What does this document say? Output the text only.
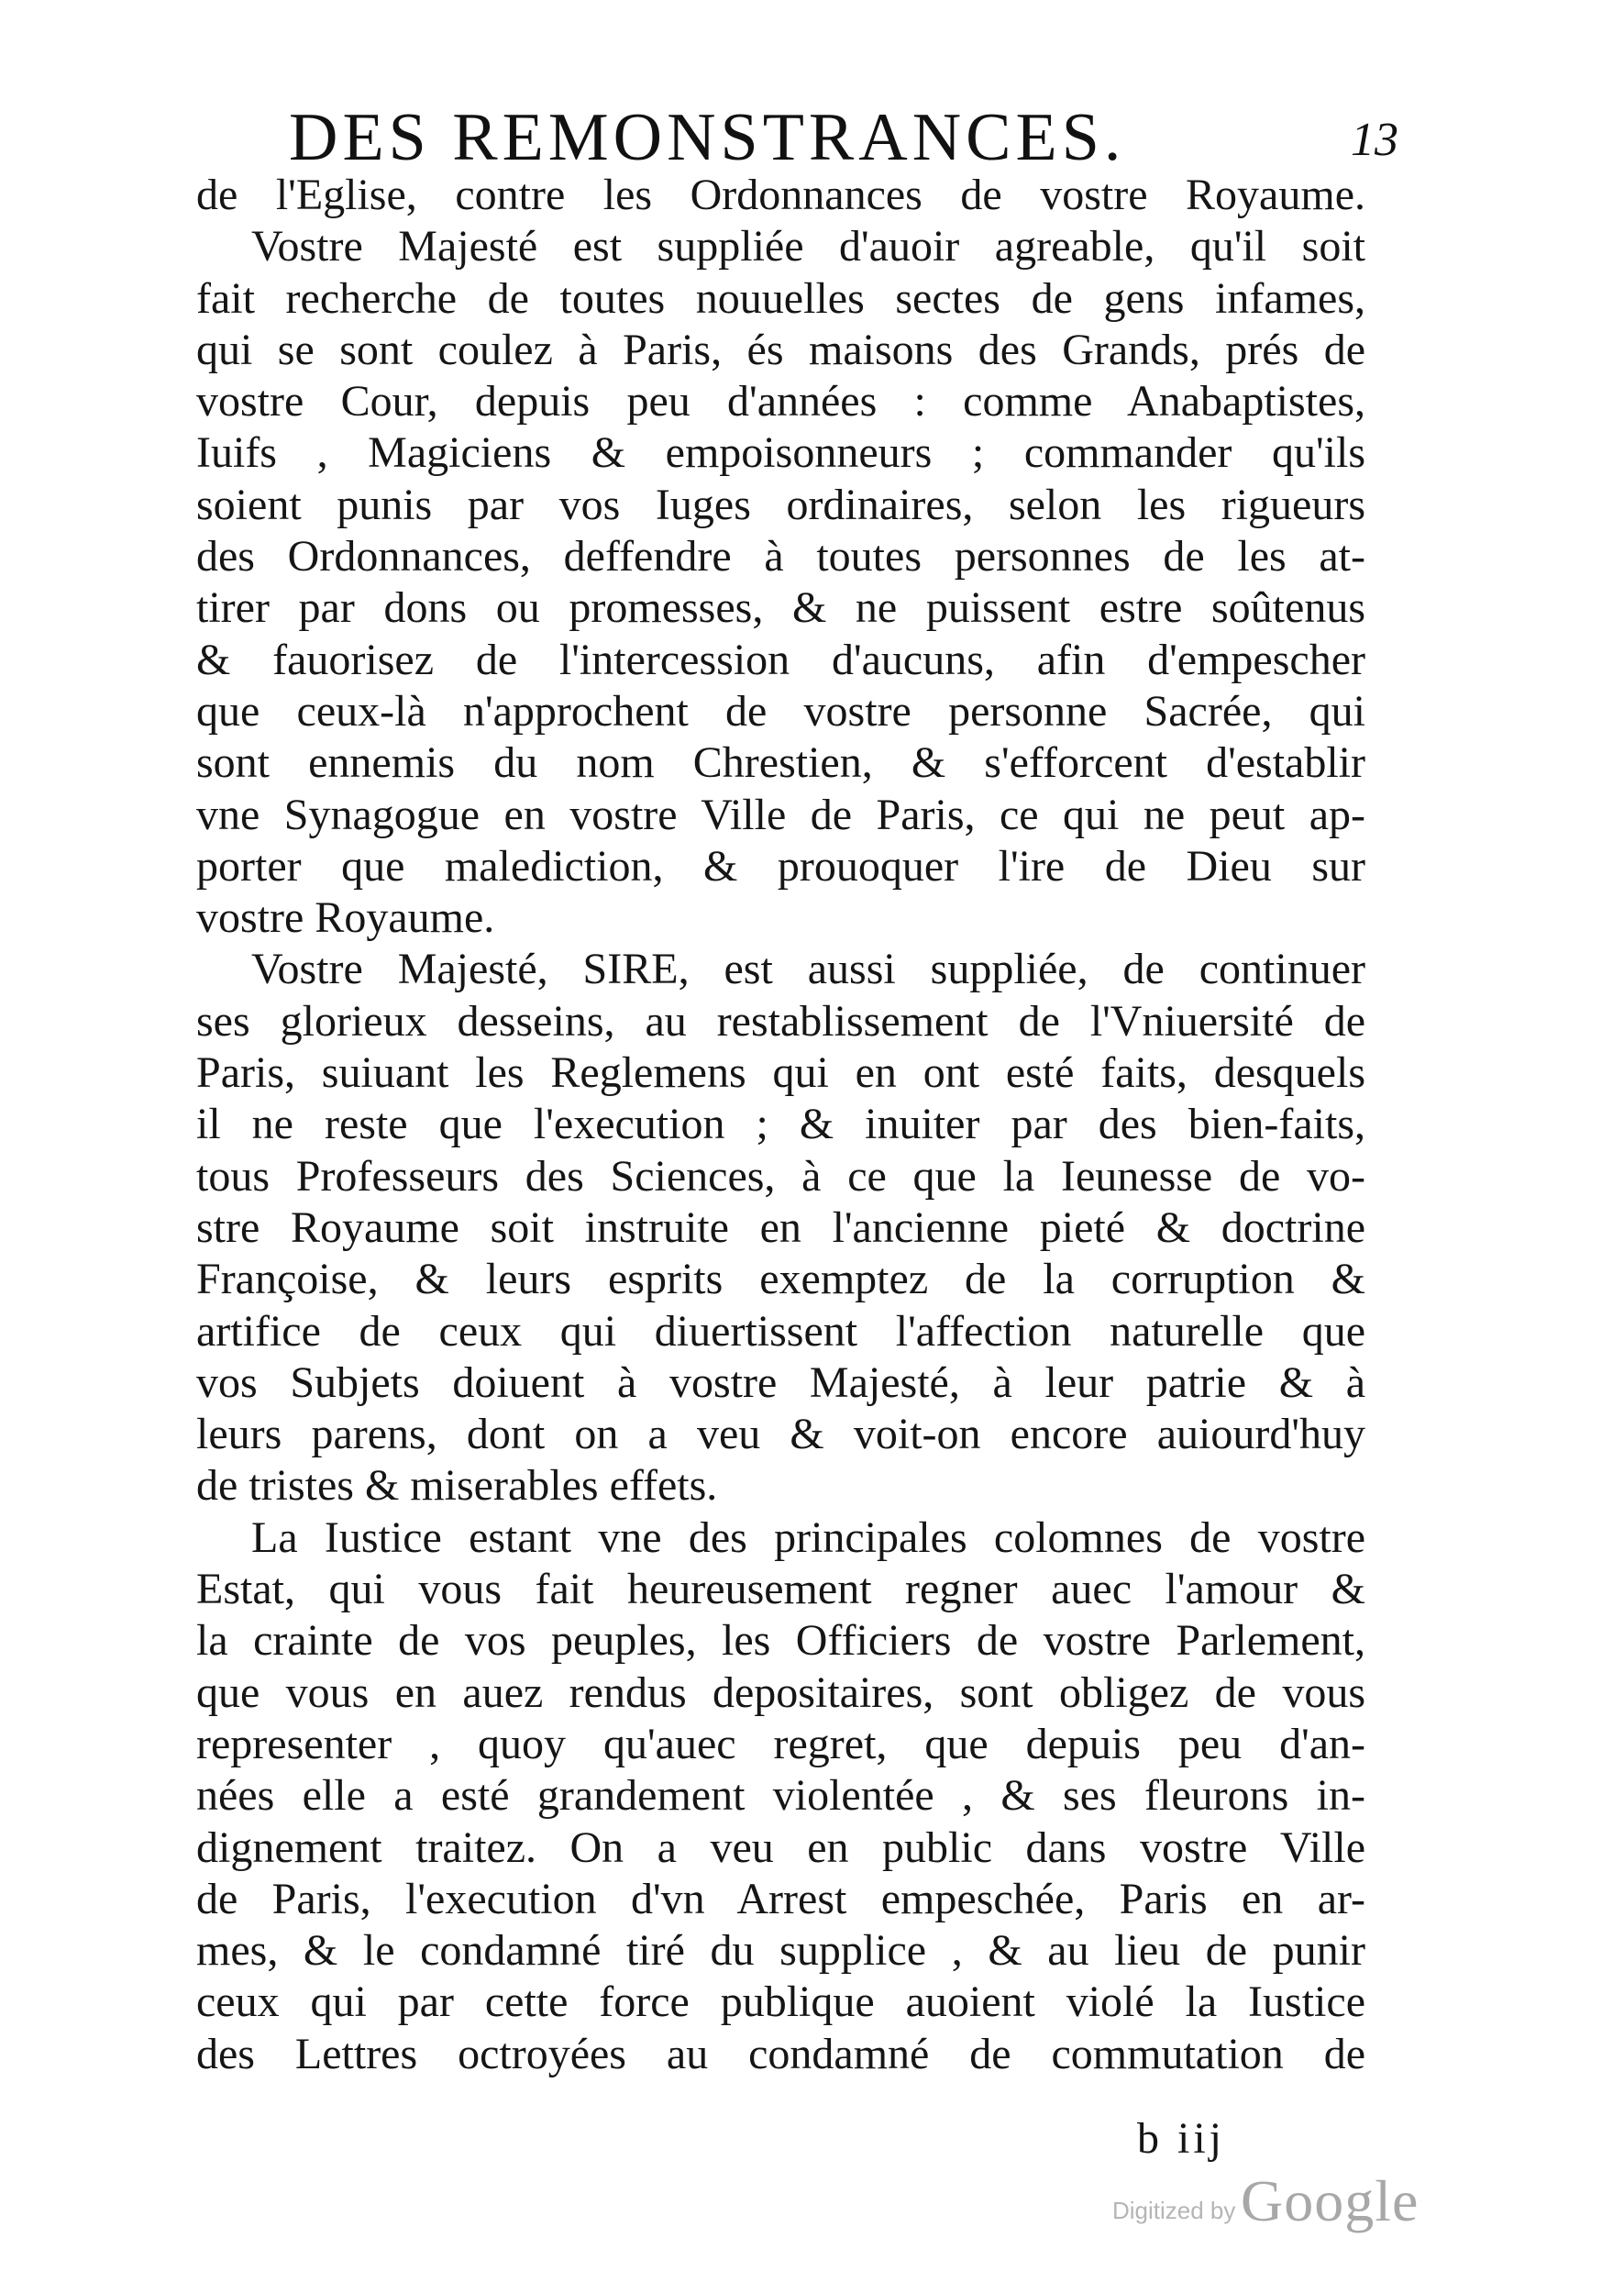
DES REMONSTRANCES.	13
de l'Eglise, contre les Ordonnances de vostre Royaume.
Vostre Majesté est suppliée d'auoir agreable, qu'il soit
fait recherche de toutes nouuelles sectes de gens infames,
qui se sont coulez à Paris, és maisons des Grands, prés de
vostre Cour, depuis peu d'années : comme Anabaptistes,
Iuifs , Magiciens & empoisonneurs ; commander qu'ils
soient punis par vos Iuges ordinaires, selon les rigueurs
des Ordonnances, deffendre à toutes personnes de les at-
tirer par dons ou promesses, & ne puissent estre soûtenus
& fauorisez de l'intercession d'aucuns, afin d'empescher
que ceux-là n'approchent de vostre personne Sacrée, qui
sont ennemis du nom Chrestien, & s'efforcent d'establir
vne Synagogue en vostre Ville de Paris, ce qui ne peut ap-
porter que malediction, & prouoquer l'ire de Dieu sur
vostre Royaume.
Vostre Majesté, SIRE, est aussi suppliée, de continuer
ses glorieux desseins, au restablissement de l'Vniuersité de
Paris, suiuant les Reglemens qui en ont esté faits, desquels
il ne reste que l'execution ; & inuiter par des bien-faits,
tous Professeurs des Sciences, à ce que la Ieunesse de vo-
stre Royaume soit instruite en l'ancienne pieté & doctrine
Françoise, & leurs esprits exemptez de la corruption &
artifice de ceux qui diuertissent l'affection naturelle que
vos Subjets doiuent à vostre Majesté, à leur patrie & à
leurs parens, dont on a veu & voit-on encore auiourd'huy
de tristes & miserables effets.
La Iustice estant vne des principales colomnes de vostre
Estat, qui vous fait heureusement regner auec l'amour &
la crainte de vos peuples, les Officiers de vostre Parlement,
que vous en auez rendus depositaires, sont obligez de vous
representer , quoy qu'auec regret, que depuis peu d'an-
nées elle a esté grandement violentée , & ses fleurons in-
dignement traitez. On a veu en public dans vostre Ville
de Paris, l'execution d'vn Arrest empeschée, Paris en ar-
mes, & le condamné tiré du supplice , & au lieu de punir
ceux qui par cette force publique auoient violé la Iustice
des Lettres octroyées au condamné de commutation de
b iij
Digitized by Google
